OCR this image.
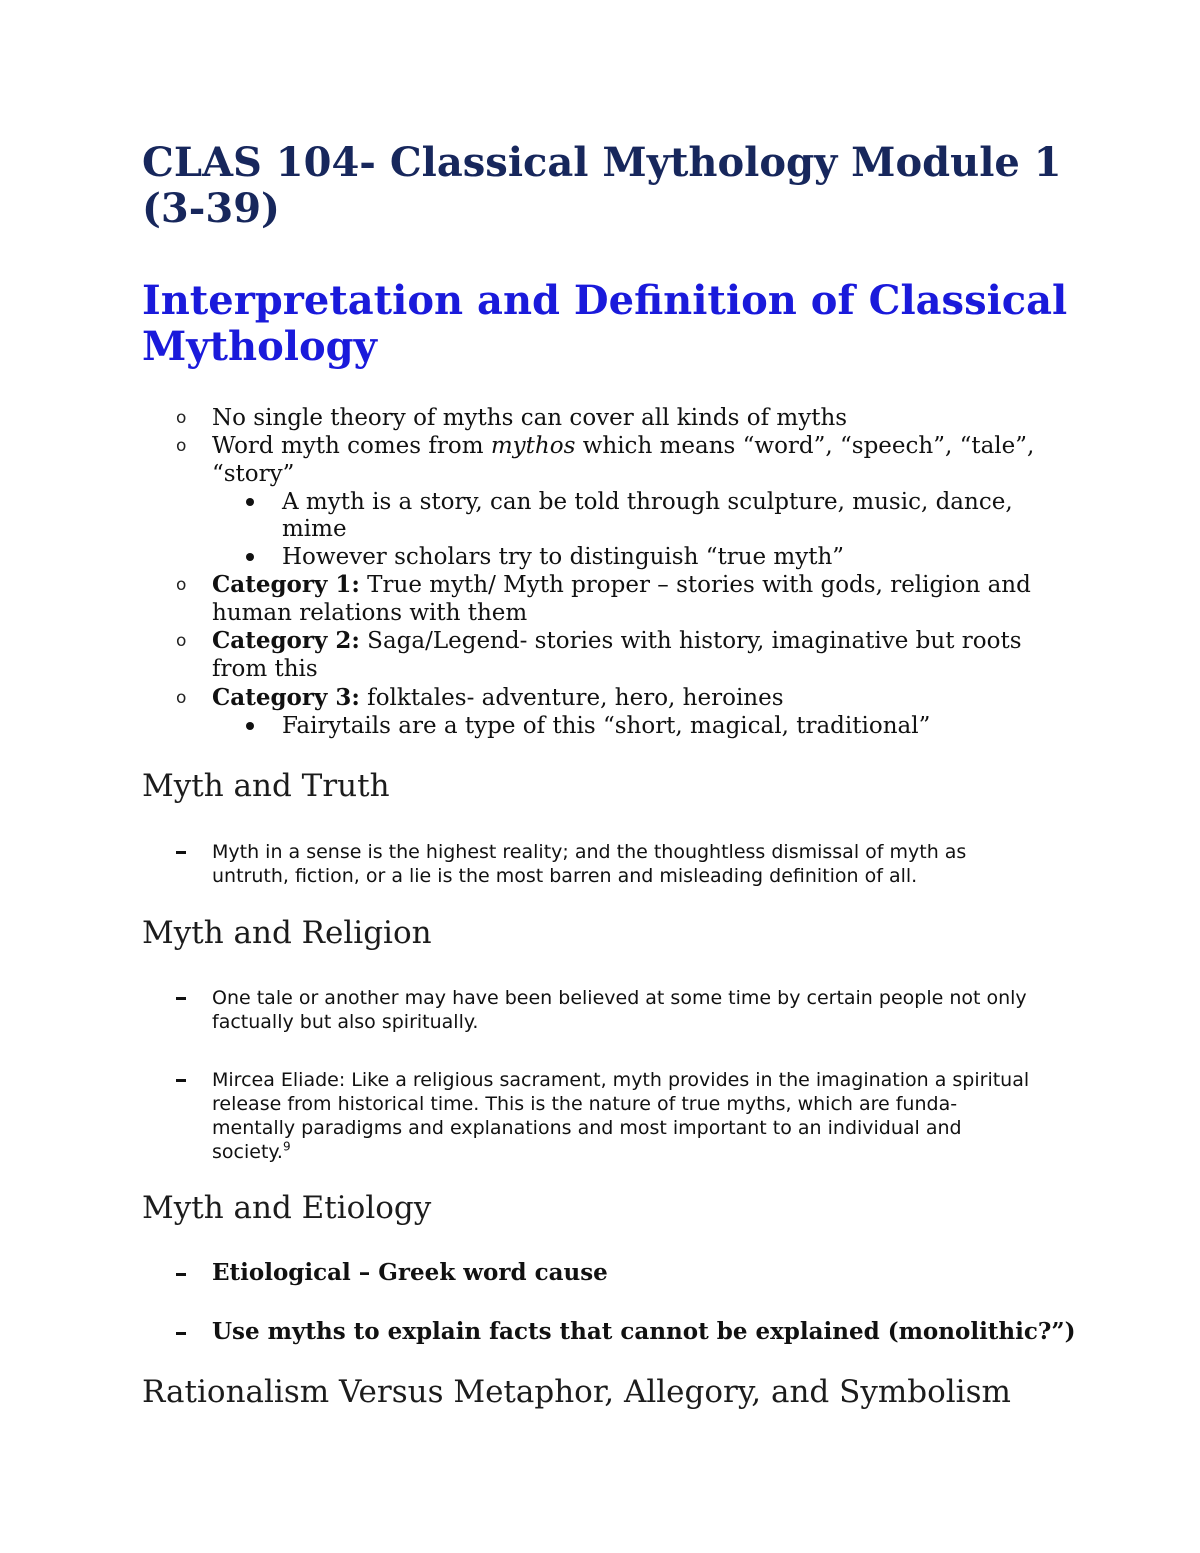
CLAS 104- Classical Mythology Module 1
(3-39)
Interpretation and Definition of Classical
Mythology
o No single theory of myths can cover all kinds of myths
o Word myth comes from mythos which means “word”, “speech”, “tale”,
“story”
A myth is a story, can be told through sculpture, music, dance,
mime
However scholars try to distinguish “true myth”
o Category 1: True myth/ Myth proper – stories with gods, religion and
human relations with them
o Category 2: Saga/Legend- stories with history, imaginative but roots
from this
o Category 3: folktales- adventure, hero, heroines
Fairytails are a type of this “short, magical, traditional”
Myth and Truth
Myth in a sense is the highest reality; and the thoughtless dismissal of myth as
untruth, fiction, or a lie is the most barren and misleading definition of all.
Myth and Religion
One tale or another may have been believed at some time by certain people not only
factually but also spiritually.
Mircea Eliade: Like a religious sacrament, myth provides in the imagination a spiritual
release from historical time. This is the nature of true myths, which are funda-
mentally paradigms and explanations and most important to an individual and
society.$^9$
Myth and Etiology
Etiological – Greek word cause
Use myths to explain facts that cannot be explained (monolithic?”)
Rationalism Versus Metaphor, Allegory, and Symbolism
